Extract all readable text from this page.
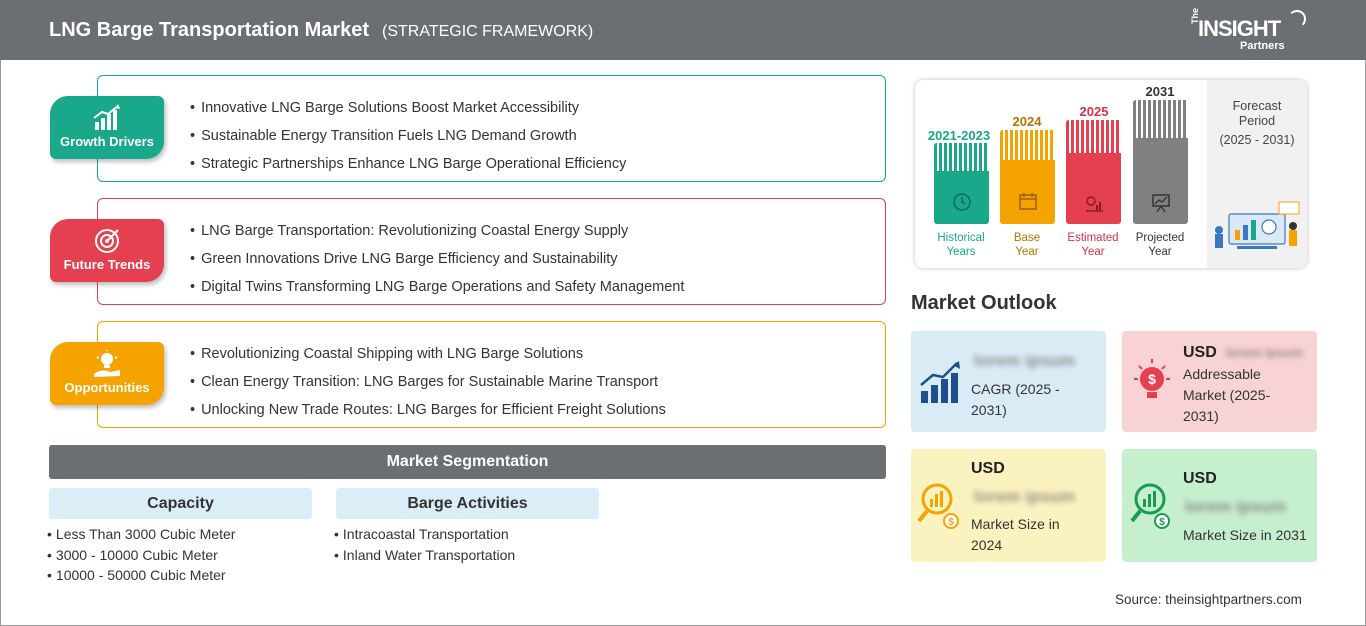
LNG Barge Transportation Market (STRATEGIC FRAMEWORK)
The
INSIGHT
Partners
• Innovative LNG Barge Solutions Boost Market Accessibility
• Sustainable Energy Transition Fuels LNG Demand Growth
• Strategic Partnerships Enhance LNG Barge Operational Efficiency
Growth Drivers
• LNG Barge Transportation: Revolutionizing Coastal Energy Supply
• Green Innovations Drive LNG Barge Efficiency and Sustainability
• Digital Twins Transforming LNG Barge Operations and Safety Management
Future Trends
• Revolutionizing Coastal Shipping with LNG Barge Solutions
• Clean Energy Transition: LNG Barges for Sustainable Marine Transport
• Unlocking New Trade Routes: LNG Barges for Efficient Freight Solutions
Opportunities
Market Segmentation
Capacity
• Less Than 3000 Cubic Meter
• 3000 - 10000 Cubic Meter
• 10000 - 50000 Cubic Meter
Barge Activities
• Intracoastal Transportation
• Inland Water Transportation
Forecast
Period
(2025 - 2031)
2021-2023
Historical
Years
2024
Base
Year
2025
Estimated
Year
2031
Projected
Year
Market Outlook
lorem ipsum
CAGR (2025 - 2031)
$
USD lorem ipsum
Addressable Market (2025-2031)
$
USD
lorem ipsum
Market Size in 2024
$
USD
lorem ipsum
Market Size in 2031
Source: theinsightpartners.com
